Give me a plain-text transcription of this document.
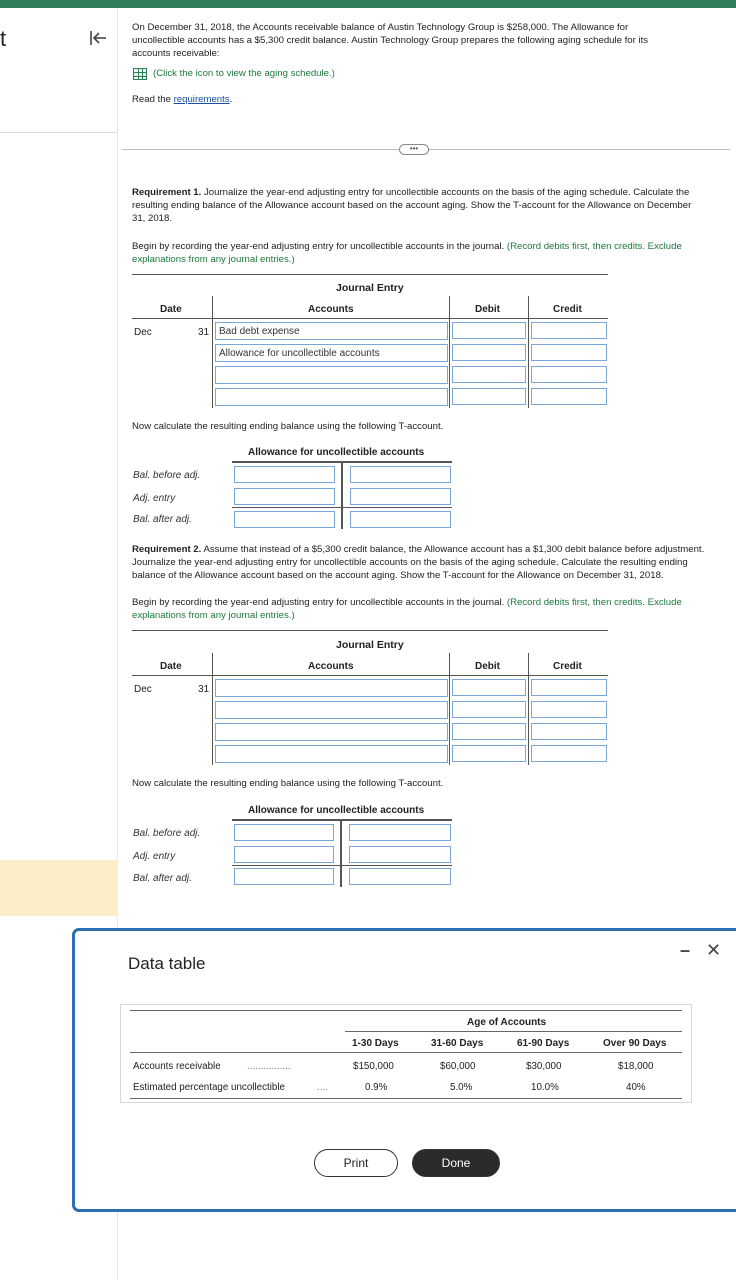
t	On December 31, 2018, the Accounts receivable balance of Austin Technology Group is $258,000. The Allowance for
uncollectible accounts has a $5,300 credit balance. Austin Technology Group prepares the following aging schedule for its
accounts receivable:
(Click the icon to view the aging schedule.)
Read the requirements.
•••
Requirement 1. Journalize the year-end adjusting entry for uncollectible accounts on the basis of the aging schedule. Calculate the
resulting ending balance of the Allowance account based on the account aging. Show the T-account for the Allowance on December
31, 2018.
Begin by recording the year-end adjusting entry for uncollectible accounts in the journal. (Record debits first, then credits. Exclude
explanations from any journal entries.)
Journal Entry
Date	Accounts	Debit	Credit
Dec	31 Bad debt expense
Allowance for uncollectible accounts
Now calculate the resulting ending balance using the following T-account.
Allowance for uncollectible accounts
Bal. before adj.
Adj. entry
Bal. after adj.
Requirement 2. Assume that instead of a $5,300 credit balance, the Allowance account has a $1,300 debit balance before adjustment.
Journalize the year-end adjusting entry for uncollectible accounts on the basis of the aging schedule. Calculate the resulting ending
balance of the Allowance account based on the account aging. Show the T-account for the Allowance on December 31, 2018.
Begin by recording the year-end adjusting entry for uncollectible accounts in the journal. (Record debits first, then credits. Exclude
explanations from any journal entries.)
Journal Entry
Date	Accounts	Debit	Credit
Dec	31
Now calculate the resulting ending balance using the following T-account.
Allowance for uncollectible accounts
Bal. before adj.
Adj. entry
Bal. after adj.
Data table
– ✕
Age of Accounts
1-30 Days	31-60 Days	61-90 Days	Over 90 Days
Accounts receivable	................	$150,000	$60,000	$30,000	$18,000
Estimated percentage uncollectible	....	0.9%	5.0%	10.0%	40%
Print	Done
